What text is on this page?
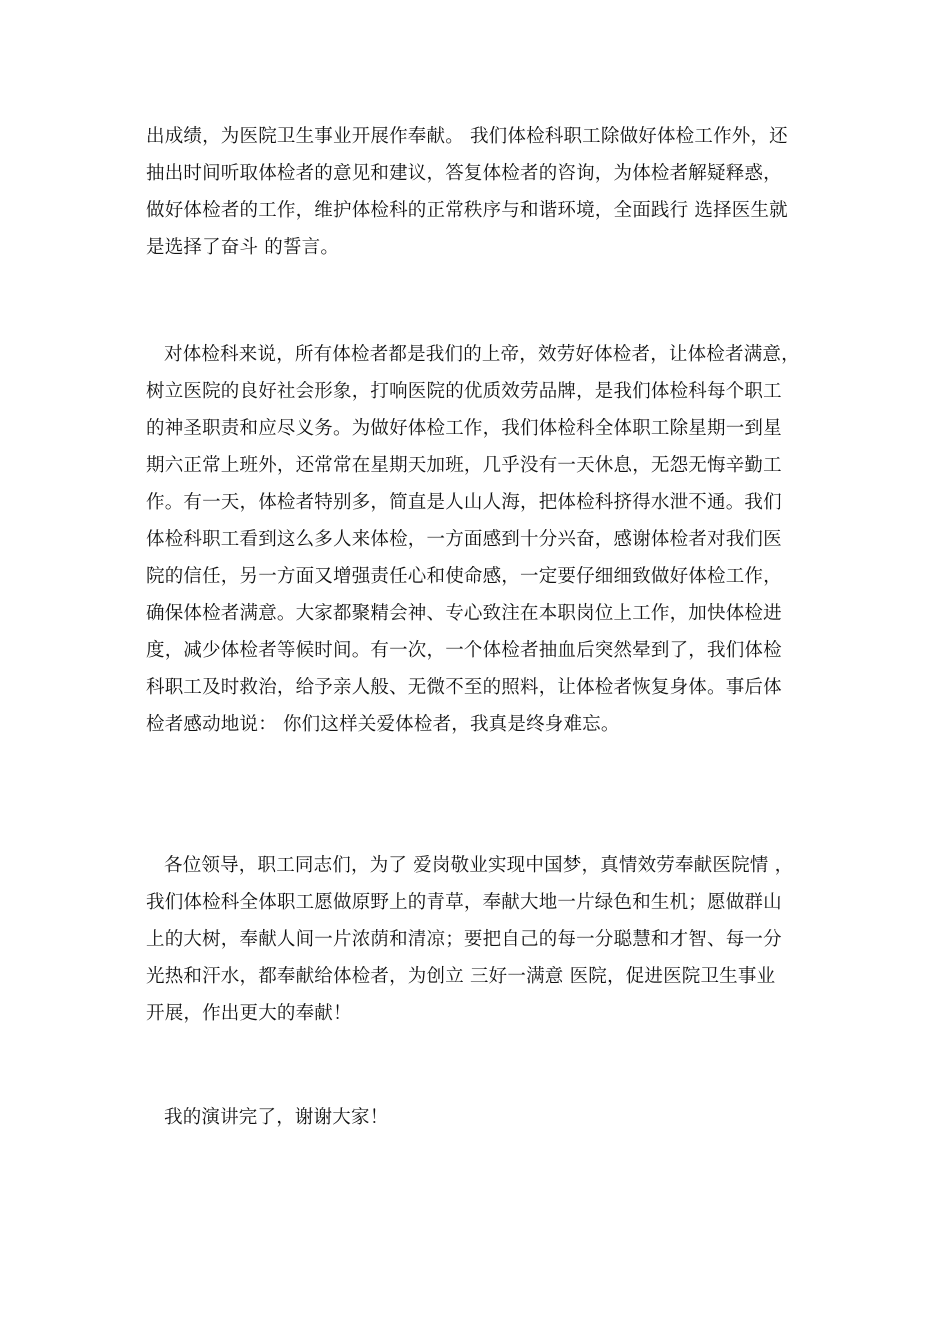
出成绩，为医院卫生事业开展作奉献。 我们体检科职工除做好体检工作外，还
抽出时间听取体检者的意见和建议，答复体检者的咨询，为体检者解疑释惑，
做好体检者的工作，维护体检科的正常秩序与和谐环境，全面践行 选择医生就
是选择了奋斗 的誓言。
对体检科来说，所有体检者都是我们的上帝，效劳好体检者，让体检者满意，
树立医院的良好社会形象，打响医院的优质效劳品牌，是我们体检科每个职工
的神圣职责和应尽义务。为做好体检工作，我们体检科全体职工除星期一到星
期六正常上班外，还常常在星期天加班，几乎没有一天休息，无怨无悔辛勤工
作。有一天，体检者特别多，简直是人山人海，把体检科挤得水泄不通。我们
体检科职工看到这么多人来体检，一方面感到十分兴奋，感谢体检者对我们医
院的信任，另一方面又增强责任心和使命感，一定要仔细细致做好体检工作，
确保体检者满意。大家都聚精会神、专心致注在本职岗位上工作，加快体检进
度，减少体检者等候时间。有一次，一个体检者抽血后突然晕到了，我们体检
科职工及时救治，给予亲人般、无微不至的照料，让体检者恢复身体。事后体
检者感动地说： 你们这样关爱体检者，我真是终身难忘。
各位领导，职工同志们，为了 爱岗敬业实现中国梦，真情效劳奉献医院情 ，
我们体检科全体职工愿做原野上的青草，奉献大地一片绿色和生机；愿做群山
上的大树，奉献人间一片浓荫和清凉；要把自己的每一分聪慧和才智、每一分
光热和汗水，都奉献给体检者，为创立 三好一满意 医院，促进医院卫生事业
开展，作出更大的奉献！
我的演讲完了，谢谢大家！
